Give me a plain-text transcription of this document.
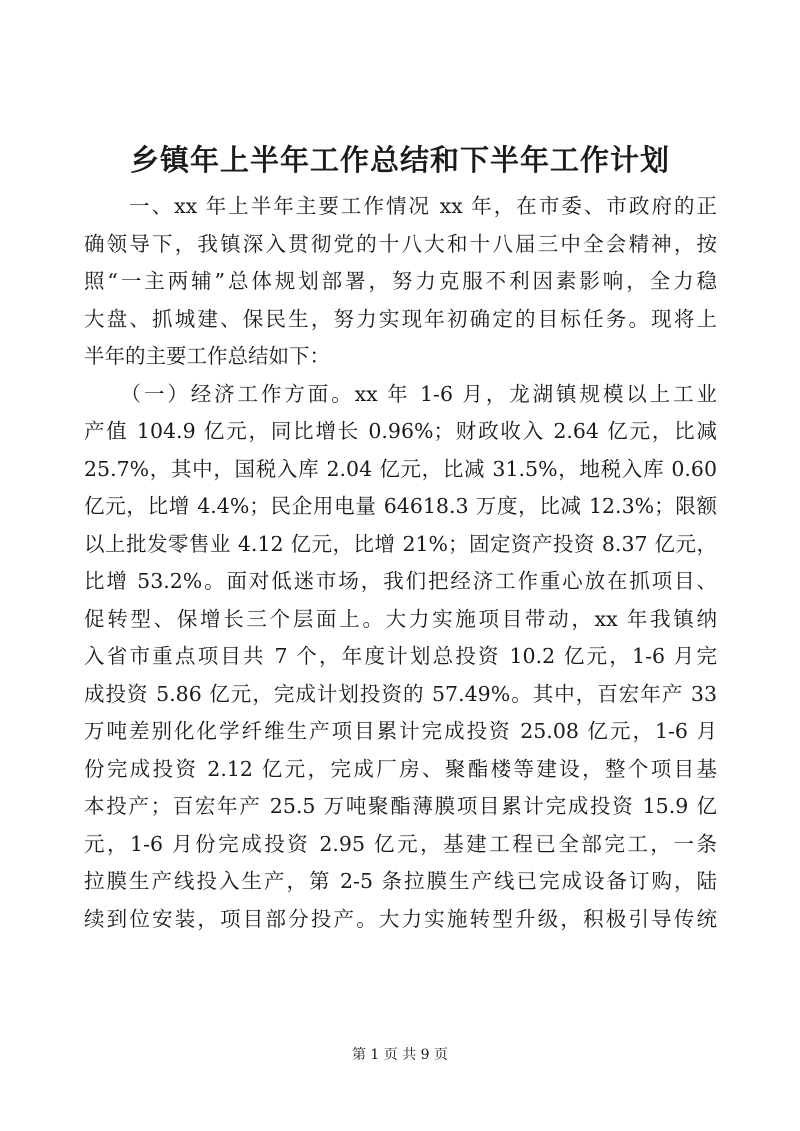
乡镇年上半年工作总结和下半年工作计划
　　一、xx 年上半年主要工作情况 xx 年，在市委、市政府的正
确领导下，我镇深入贯彻党的十八大和十八届三中全会精神，按
照“一主两辅”总体规划部署，努力克服不利因素影响，全力稳
大盘、抓城建、保民生，努力实现年初确定的目标任务。现将上
半年的主要工作总结如下：
　　（一）经济工作方面。xx 年 1-6 月，龙湖镇规模以上工业
产值 104.9 亿元，同比增长 0.96%；财政收入 2.64 亿元，比减
25.7%，其中，国税入库 2.04 亿元，比减 31.5%，地税入库 0.60
亿元，比增 4.4%；民企用电量 64618.3 万度，比减 12.3%；限额
以上批发零售业 4.12 亿元，比增 21%；固定资产投资 8.37 亿元，
比增 53.2%。面对低迷市场，我们把经济工作重心放在抓项目、
促转型、保增长三个层面上。大力实施项目带动，xx 年我镇纳
入省市重点项目共 7 个，年度计划总投资 10.2 亿元，1-6 月完
成投资 5.86 亿元，完成计划投资的 57.49%。其中，百宏年产 33
万吨差别化化学纤维生产项目累计完成投资 25.08 亿元，1-6 月
份完成投资 2.12 亿元，完成厂房、聚酯楼等建设，整个项目基
本投产；百宏年产 25.5 万吨聚酯薄膜项目累计完成投资 15.9 亿
元，1-6 月份完成投资 2.95 亿元，基建工程已全部完工，一条
拉膜生产线投入生产，第 2-5 条拉膜生产线已完成设备订购，陆
续到位安装，项目部分投产。大力实施转型升级，积极引导传统
第 1 页 共 9 页
